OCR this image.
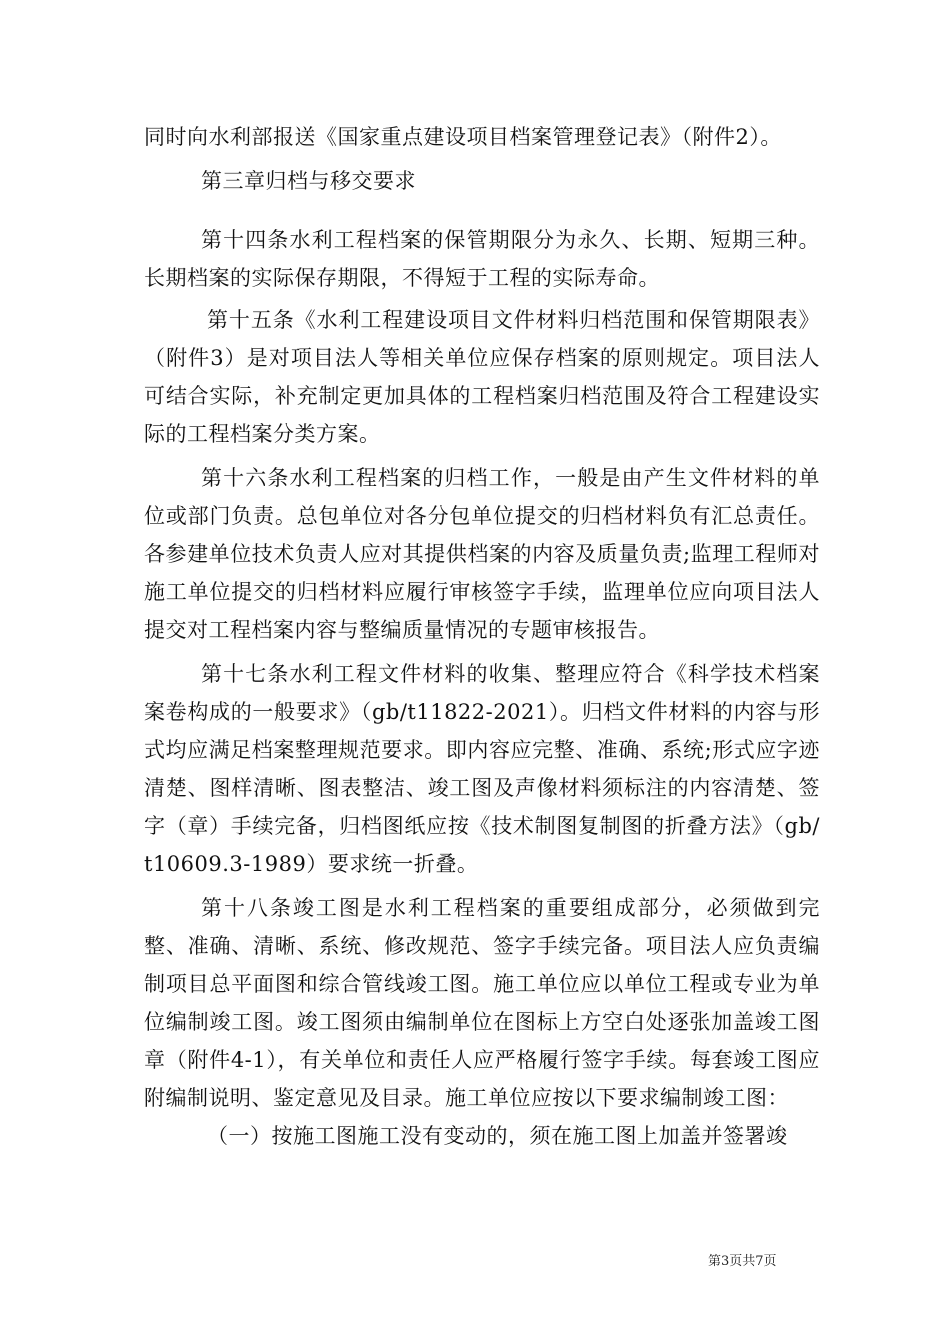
同时向水利部报送《国家重点建设项目档案管理登记表》（附件2）。

第三章归档与移交要求

第十四条水利工程档案的保管期限分为永久、长期、短期三种。长期档案的实际保存期限，不得短于工程的实际寿命。

第十五条《水利工程建设项目文件材料归档范围和保管期限表》（附件3）是对项目法人等相关单位应保存档案的原则规定。项目法人可结合实际，补充制定更加具体的工程档案归档范围及符合工程建设实际的工程档案分类方案。

第十六条水利工程档案的归档工作，一般是由产生文件材料的单位或部门负责。总包单位对各分包单位提交的归档材料负有汇总责任。各参建单位技术负责人应对其提供档案的内容及质量负责;监理工程师对施工单位提交的归档材料应履行审核签字手续，监理单位应向项目法人提交对工程档案内容与整编质量情况的专题审核报告。

第十七条水利工程文件材料的收集、整理应符合《科学技术档案案卷构成的一般要求》（gb/t11822-2021）。归档文件材料的内容与形式均应满足档案整理规范要求。即内容应完整、准确、系统;形式应字迹清楚、图样清晰、图表整洁、竣工图及声像材料须标注的内容清楚、签字（章）手续完备，归档图纸应按《技术制图复制图的折叠方法》（gb/t10609.3-1989）要求统一折叠。

第十八条竣工图是水利工程档案的重要组成部分，必须做到完整、准确、清晰、系统、修改规范、签字手续完备。项目法人应负责编制项目总平面图和综合管线竣工图。施工单位应以单位工程或专业为单位编制竣工图。竣工图须由编制单位在图标上方空白处逐张加盖竣工图章（附件4-1），有关单位和责任人应严格履行签字手续。每套竣工图应附编制说明、鉴定意见及目录。施工单位应按以下要求编制竣工图：

（一）按施工图施工没有变动的，须在施工图上加盖并签署竣

第3页共7页
